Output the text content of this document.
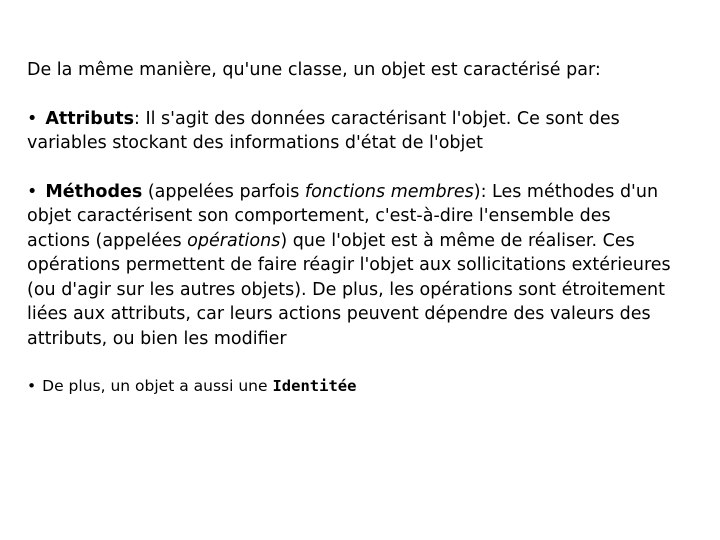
De la même manière, qu'une classe, un objet est caractérisé par:

• Attributs: Il s'agit des données caractérisant l'objet. Ce sont des variables stockant des informations d'état de l'objet

• Méthodes (appelées parfois fonctions membres): Les méthodes d'un objet caractérisent son comportement, c'est-à-dire l'ensemble des actions (appelées opérations) que l'objet est à même de réaliser. Ces opérations permettent de faire réagir l'objet aux sollicitations extérieures (ou d'agir sur les autres objets). De plus, les opérations sont étroitement liées aux attributs, car leurs actions peuvent dépendre des valeurs des attributs, ou bien les modifier

• De plus, un objet a aussi une Identitée
